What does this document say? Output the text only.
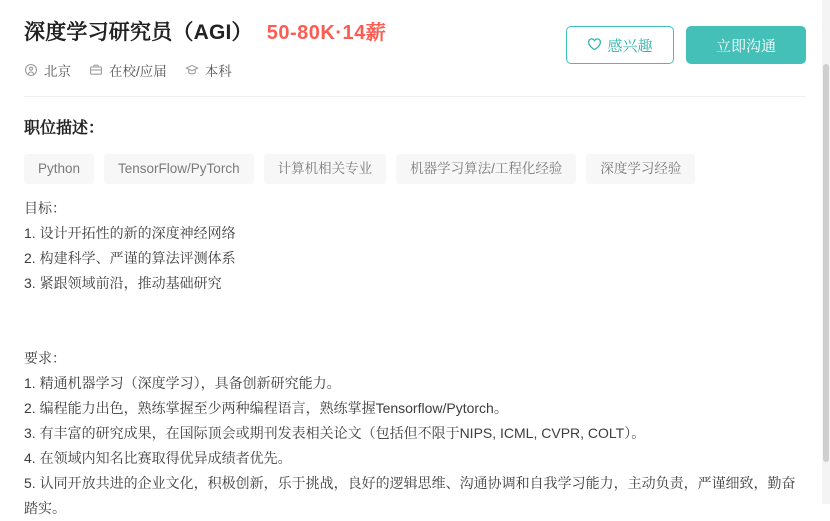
深度学习研究员（AGI） 50-80K·14薪
感兴趣	立即沟通
北京	在校/应届	本科
职位描述：
Python	TensorFlow/PyTorch	计算机相关专业	机器学习算法/工程化经验	深度学习经验

目标：

1. 设计开拓性的新的深度神经网络

2. 构建科学、严谨的算法评测体系

3. 紧跟领域前沿，推动基础研究

要求：

1. 精通机器学习（深度学习），具备创新研究能力。

2. 编程能力出色，熟练掌握至少两种编程语言，熟练掌握Tensorflow/Pytorch。

3. 有丰富的研究成果，在国际顶会或期刊发表相关论文（包括但不限于NIPS, ICML, CVPR, COLT）。

4. 在领域内知名比赛取得优异成绩者优先。

5. 认同开放共进的企业文化，积极创新，乐于挑战，良好的逻辑思维、沟通协调和自我学习能力，主动负责，严谨细致，勤奋踏实。
